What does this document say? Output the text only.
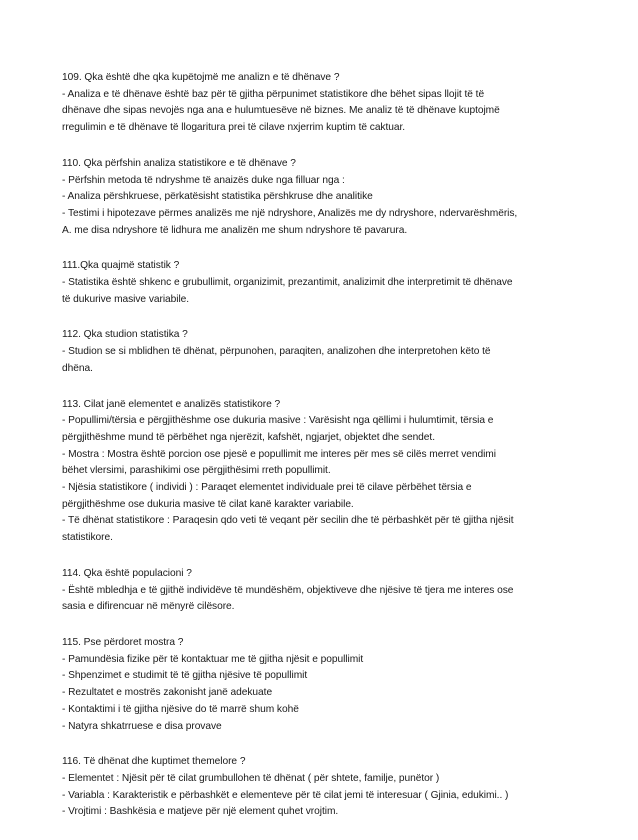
109. Qka është dhe qka kupëtojmë me analizn e të dhënave ?
- Analiza e të dhënave është baz për të gjitha përpunimet statistikore dhe bëhet sipas llojit të të
dhënave dhe sipas nevojës nga ana e hulumtuesëve në biznes. Me analiz të të dhënave kuptojmë
rregulimin e të dhënave të llogaritura prei të cilave nxjerrim kuptim të caktuar.
110. Qka përfshin analiza statistikore e të dhënave ?
- Përfshin metoda të ndryshme të anaizës duke nga filluar nga :
- Analiza përshkruese, përkatësisht statistika përshkruse dhe analitike
- Testimi i hipotezave përmes analizës me një ndryshore, Analizës me dy ndryshore, ndervarëshmëris,
A. me disa ndryshore të lidhura me analizën me shum ndryshore të pavarura.
111.Qka quajmë statistik ?
- Statistika është shkenc e grubullimit, organizimit, prezantimit, analizimit dhe interpretimit të dhënave
të dukurive masive variabile.
112. Qka studion statistika ?
- Studion se si mblidhen të dhënat, përpunohen, paraqiten, analizohen dhe interpretohen këto të
dhëna.
113. Cilat janë elementet e analizës statistikore ?
- Popullimi/tërsia e përgjithëshme ose dukuria masive : Varësisht nga qëllimi i hulumtimit, tërsia e
përgjithëshme mund të përbëhet nga njerëzit, kafshët, ngjarjet, objektet dhe sendet.
- Mostra : Mostra është porcion ose pjesë e popullimit me interes për mes së cilës merret vendimi
bëhet vlersimi, parashikimi ose përgjithësimi rreth popullimit.
- Njësia statistikore ( individi ) : Paraqet elementet individuale prei të cilave përbëhet tërsia e
përgjithëshme ose dukuria masive të cilat kanë karakter variabile.
- Të dhënat statistikore : Paraqesin qdo veti të veqant për secilin dhe të përbashkët për të gjitha njësit
statistikore.
114. Qka është populacioni ?
- Është mbledhja e të gjithë individëve të mundëshëm, objektiveve dhe njësive të tjera me interes ose
sasia e difirencuar në mënyrë cilësore.
115. Pse përdoret mostra ?
- Pamundësia fizike për të kontaktuar me të gjitha njësit e popullimit
- Shpenzimet e studimit të të gjitha njësive të popullimit
- Rezultatet e mostrës zakonisht janë adekuate
- Kontaktimi i të gjitha njësive do të marrë shum kohë
- Natyra shkatrruese e disa provave
116. Të dhënat dhe kuptimet themelore ?
- Elementet : Njësit për të cilat grumbullohen të dhënat ( për shtete, familje, punëtor )
- Variabla : Karakteristik e përbashkët e elementeve për të cilat jemi të interesuar ( Gjinia, edukimi.. )
- Vrojtimi : Bashkësia e matjeve për një element quhet vrojtim.
